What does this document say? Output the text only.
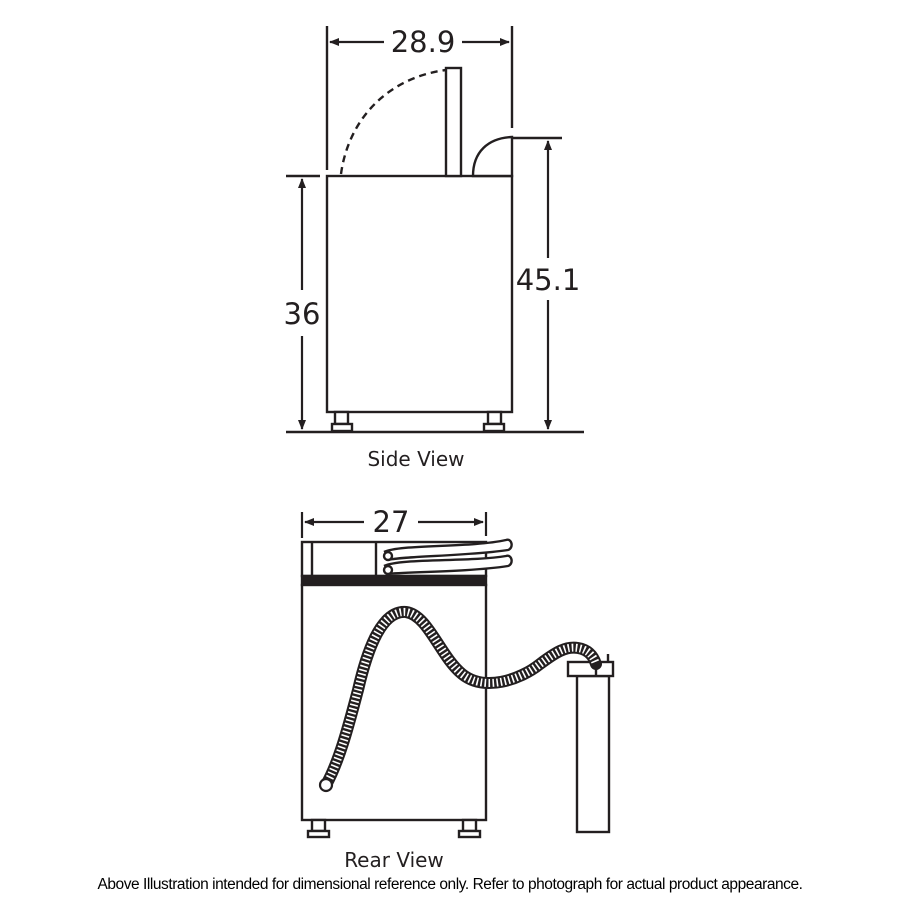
28.9
45.1
36
Side View
27
Rear View
Above Illustration intended for dimensional reference only. Refer to photograph for actual product appearance.
